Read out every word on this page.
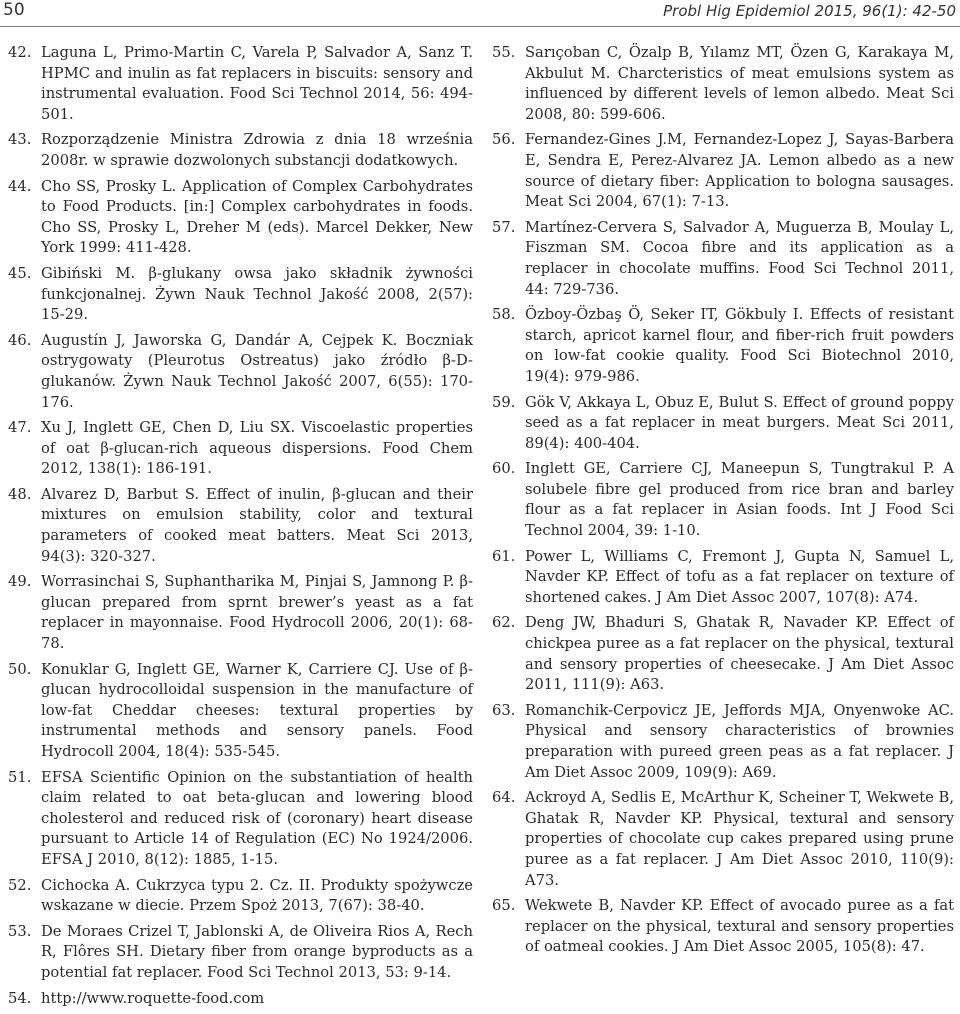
50	Probl Hig Epidemiol 2015, 96(1): 42-50
42. Laguna L, Primo-Martin C, Varela P, Salvador A, Sanz T. HPMC and inulin as fat replacers in biscuits: sensory and instrumental evaluation. Food Sci Technol 2014, 56: 494-501.
43. Rozporządzenie Ministra Zdrowia z dnia 18 września 2008r. w sprawie dozwolonych substancji dodatkowych.
44. Cho SS, Prosky L. Application of Complex Carbohydrates to Food Products. [in:] Complex carbohydrates in foods. Cho SS, Prosky L, Dreher M (eds). Marcel Dekker, New York 1999: 411-428.
45. Gibiński M. β-glukany owsa jako składnik żywności funkcjonalnej. Żywn Nauk Technol Jakość 2008, 2(57): 15-29.
46. Augustín J, Jaworska G, Dandár A, Cejpek K. Boczniak ostrygowaty (Pleurotus Ostreatus) jako źródło β-D-glukanów. Żywn Nauk Technol Jakość 2007, 6(55): 170-176.
47. Xu J, Inglett GE, Chen D, Liu SX. Viscoelastic properties of oat β-glucan-rich aqueous dispersions. Food Chem 2012, 138(1): 186-191.
48. Alvarez D, Barbut S. Effect of inulin, β-glucan and their mixtures on emulsion stability, color and textural parameters of cooked meat batters. Meat Sci 2013, 94(3): 320-327.
49. Worrasinchai S, Suphantharika M, Pinjai S, Jamnong P. β-glucan prepared from sprnt brewer’s yeast as a fat replacer in mayonnaise. Food Hydrocoll 2006, 20(1): 68-78.
50. Konuklar G, Inglett GE, Warner K, Carriere CJ. Use of β-glucan hydrocolloidal suspension in the manufacture of low-fat Cheddar cheeses: textural properties by instrumental methods and sensory panels. Food Hydrocoll 2004, 18(4): 535-545.
51. EFSA Scientific Opinion on the substantiation of health claim related to oat beta-glucan and lowering blood cholesterol and reduced risk of (coronary) heart disease pursuant to Article 14 of Regulation (EC) No 1924/2006. EFSA J 2010, 8(12): 1885, 1-15.
52. Cichocka A. Cukrzyca typu 2. Cz. II. Produkty spożywcze wskazane w diecie. Przem Spoż 2013, 7(67): 38-40.
53. De Moraes Crizel T, Jablonski A, de Oliveira Rios A, Rech R, Flôres SH. Dietary fiber from orange byproducts as a potential fat replacer. Food Sci Technol 2013, 53: 9-14.
54. http://www.roquette-food.com
55. Sarıçoban C, Özalp B, Yılamz MT, Özen G, Karakaya M, Akbulut M. Charcteristics of meat emulsions system as influenced by different levels of lemon albedo. Meat Sci 2008, 80: 599-606.
56. Fernandez-Gines J.M, Fernandez-Lopez J, Sayas-Barbera E, Sendra E, Perez-Alvarez JA. Lemon albedo as a new source of dietary fiber: Application to bologna sausages. Meat Sci 2004, 67(1): 7-13.
57. Martínez-Cervera S, Salvador A, Muguerza B, Moulay L, Fiszman SM. Cocoa fibre and its application as a replacer in chocolate muffins. Food Sci Technol 2011, 44: 729-736.
58. Özboy-Özbaş Ö, Seker IT, Gökbuly I. Effects of resistant starch, apricot karnel flour, and fiber-rich fruit powders on low-fat cookie quality. Food Sci Biotechnol 2010, 19(4): 979-986.
59. Gök V, Akkaya L, Obuz E, Bulut S. Effect of ground poppy seed as a fat replacer in meat burgers. Meat Sci 2011, 89(4): 400-404.
60. Inglett GE, Carriere CJ, Maneepun S, Tungtrakul P. A solubele fibre gel produced from rice bran and barley flour as a fat replacer in Asian foods. Int J Food Sci Technol 2004, 39: 1-10.
61. Power L, Williams C, Fremont J, Gupta N, Samuel L, Navder KP. Effect of tofu as a fat replacer on texture of shortened cakes. J Am Diet Assoc 2007, 107(8): A74.
62. Deng JW, Bhaduri S, Ghatak R, Navader KP. Effect of chickpea puree as a fat replacer on the physical, textural and sensory properties of cheesecake. J Am Diet Assoc 2011, 111(9): A63.
63. Romanchik-Cerpovicz JE, Jeffords MJA, Onyenwoke AC. Physical and sensory characteristics of brownies preparation with pureed green peas as a fat replacer. J Am Diet Assoc 2009, 109(9): A69.
64. Ackroyd A, Sedlis E, McArthur K, Scheiner T, Wekwete B, Ghatak R, Navder KP. Physical, textural and sensory properties of chocolate cup cakes prepared using prune puree as a fat replacer. J Am Diet Assoc 2010, 110(9): A73.
65. Wekwete B, Navder KP. Effect of avocado puree as a fat replacer on the physical, textural and sensory properties of oatmeal cookies. J Am Diet Assoc 2005, 105(8): 47.
